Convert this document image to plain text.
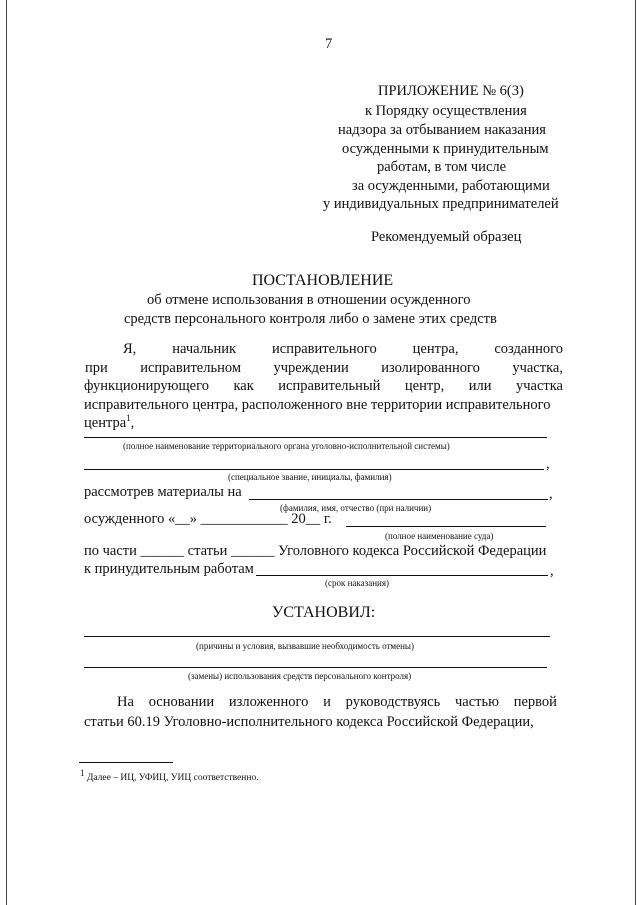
7
ПРИЛОЖЕНИЕ № 6(3)
к Порядку осуществления
надзора за отбыванием наказания
осужденными к принудительным
работам, в том числе
за осужденными, работающими
у индивидуальных предпринимателей
Рекомендуемый образец
ПОСТАНОВЛЕНИЕ
об отмене использования в отношении осужденного
средств персонального контроля либо о замене этих средств
Я, начальник исправительного центра, созданного
при исправительном учреждении изолированного участка,
функционирующего как исправительный центр, или участка
исправительного центра, расположенного вне территории исправительного
центра$^1$,
(полное наименование территориального органа уголовно-исполнительной системы)
,
(специальное звание, инициалы, фамилия)
рассмотрев материалы на	,
(фамилия, имя, отчество (при наличии)
осужденного «__» ____________ 20__ г.
(полное наименование суда)
по части ______ статьи ______ Уголовного кодекса Российской Федерации
к принудительным работам	,
(срок наказания)
УСТАНОВИЛ:
(причины и условия, вызвавшие необходимость отмены)
(замены) использования средств персонального контроля)
На основании изложенного и руководствуясь частью первой
статьи 60.19 Уголовно-исполнительного кодекса Российской Федерации,
$^1$ Далее – ИЦ, УФИЦ, УИЦ соответственно.
